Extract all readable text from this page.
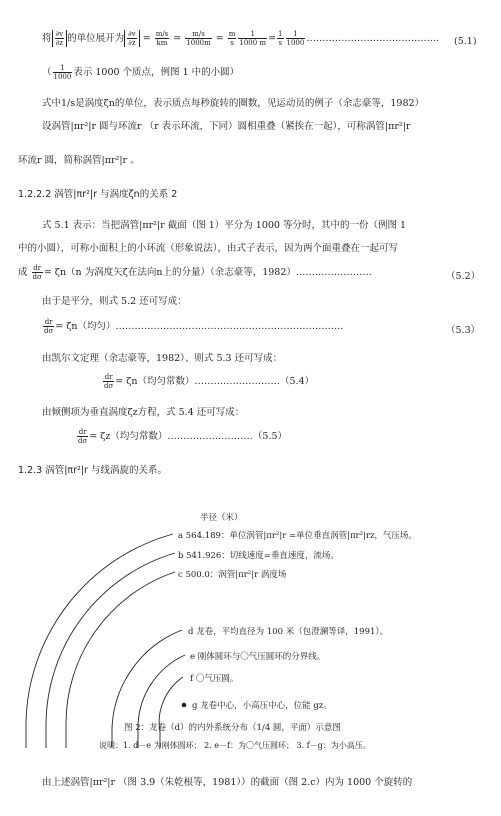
将 $\frac{\partial v}{\partial z}$ 的单位展开为 $\frac{\partial v}{\partial z} = \frac{m/s}{km} = \frac{m/s}{1000m} = \frac{m}{s} \frac{1}{1000 m} = \frac{1}{s} \frac{1}{1000}$ …………………………………… (5.1)
（ $\frac{1}{1000}$ 表示 1000 个质点，例图 1 中的小圆）
式中1/s是涡度ζn的单位，表示质点每秒旋转的圈数，见运动员的例子（余志豪等，1982）
设涡管|πr²|r 圆与环流r （r 表示环流，下同）圆相重叠（紧挨在一起），可称涡管|πr²|r
环流r 圆，简称涡管|πr²|r 。
1.2.2.2 涡管|πr²|r 与涡度ζn的关系 2
式 5.1 表示：当把涡管|πr²|r 截面（图 1）平分为 1000 等分时，其中的一份（例图 1
中的小圆），可称小面积上的小环流（形象说法），由式子表示，因为两个面重叠在一起可写
成 $\frac{dr}{d\sigma} = \zeta n(n$ 为涡度矢ζ在法向n上的分量）（余志豪等，1982）……………………	（5.2）
由于是平分，则式 5.2 还可写成：
$\frac{dr}{d\sigma} = \zeta n$（均匀）………………………………………………………………	（5.3）
由凯尔文定理（余志豪等，1982）、则式 5.3 还可写成：
$\frac{dr}{d\sigma} = \zeta n$（均匀常数）………………………（5.4）
由倾侧项为垂直涡度ζz方程，式 5.4 还可写成：
$\frac{dr}{d\sigma} = \zeta z$（均匀常数）………………………（5.5）
1.2.3 涡管|πr²|r 与线涡旋的关系。
半径（米）
a 564.189：单位涡管|πr²|r =单位垂直涡管|πr²|rz，气压场。
b 541.926：切线速度=垂直速度，流场。
c 500.0：涡管|πr²|r 涡度场
d 龙卷，平均直径为 100 米（包澄澜等译，1991）。
e 刚体圆环与〇气压圆环的分界线。
f 〇气压圆。
g 龙卷中心，小高压中心，位能 gz。
图 2：龙卷（d）的内外系统分布（1/4 圆，平面）示意图
说明：1. d－e 为刚体圆环； 2. e－f：为〇气压圆环； 3. f－g：为小高压。
由上述涡管|πr²|r （图 3.9（朱乾根等，1981））的截面（图 2.c）内为 1000 个旋转的
